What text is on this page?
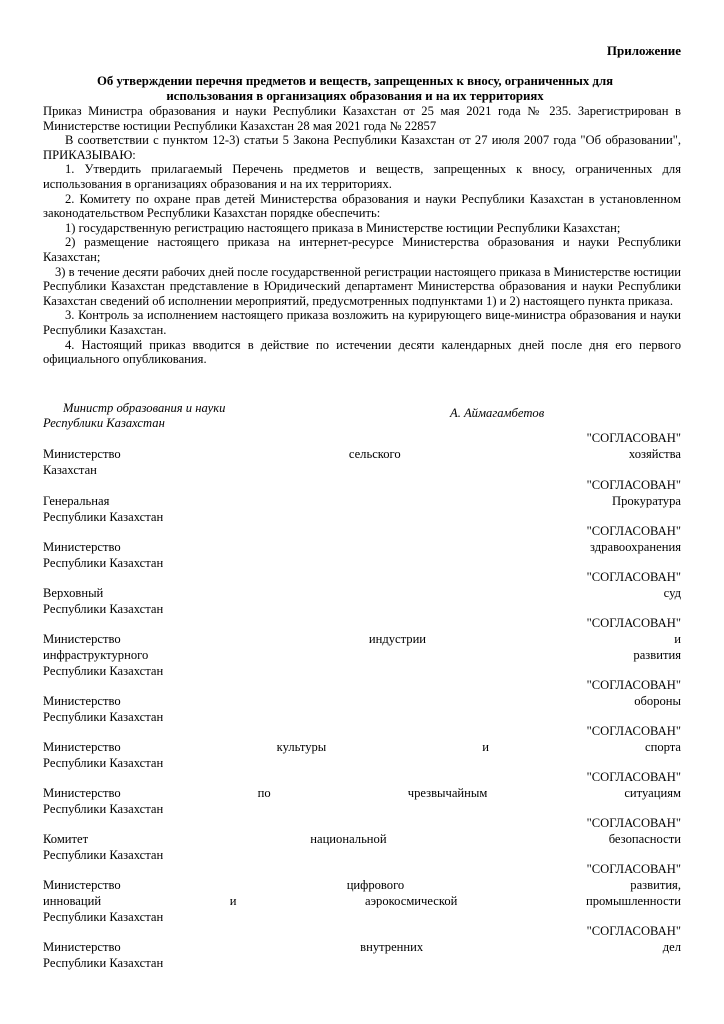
Приложение
Об утверждении перечня предметов и веществ, запрещенных к вносу, ограниченных для
использования в организациях образования и на их территориях

Приказ Министра образования и науки Республики Казахстан от 25 мая 2021 года № 235. Зарегистрирован в Министерстве юстиции Республики Казахстан 28 мая 2021 года № 22857

В соответствии с пунктом 12-3) статьи 5 Закона Республики Казахстан от 27 июля 2007 года "Об образовании", ПРИКАЗЫВАЮ:

1. Утвердить прилагаемый Перечень предметов и веществ, запрещенных к вносу, ограниченных для использования в организациях образования и на их территориях.

2. Комитету по охране прав детей Министерства образования и науки Республики Казахстан в установленном законодательством Республики Казахстан порядке обеспечить:

1) государственную регистрацию настоящего приказа в Министерстве юстиции Республики Казахстан;

2) размещение настоящего приказа на интернет-ресурсе Министерства образования и науки Республики Казахстан;

3) в течение десяти рабочих дней после государственной регистрации настоящего приказа в Министерстве юстиции Республики Казахстан представление в Юридический департамент Министерства образования и науки Республики Казахстан сведений об исполнении мероприятий, предусмотренных подпунктами 1) и 2) настоящего пункта приказа.

3. Контроль за исполнением настоящего приказа возложить на курирующего вице-министра образования и науки Республики Казахстан.

4. Настоящий приказ вводится в действие по истечении десяти календарных дней после дня его первого официального опубликования.

Министр образования и науки
Республики Казахстан
А. Аймагамбетов
"СОГЛАСОВАН"
Министерство	сельского	хозяйства
Казахстан
"СОГЛАСОВАН"
Генеральная	Прокуратура
Республики Казахстан
"СОГЛАСОВАН"
Министерство	здравоохранения
Республики Казахстан
"СОГЛАСОВАН"
Верховный	суд
Республики Казахстан
"СОГЛАСОВАН"
Министерство	индустрии	и
инфраструктурного	развития
Республики Казахстан
"СОГЛАСОВАН"
Министерство	обороны
Республики Казахстан
"СОГЛАСОВАН"
Министерство	культуры	и	спорта
Республики Казахстан
"СОГЛАСОВАН"
Министерство	по	чрезвычайным	ситуациям
Республики Казахстан
"СОГЛАСОВАН"
Комитет	национальной	безопасности
Республики Казахстан
"СОГЛАСОВАН"
Министерство	цифрового	развития,
инноваций	и	аэрокосмической	промышленности
Республики Казахстан
"СОГЛАСОВАН"
Министерство	внутренних	дел
Республики Казахстан
